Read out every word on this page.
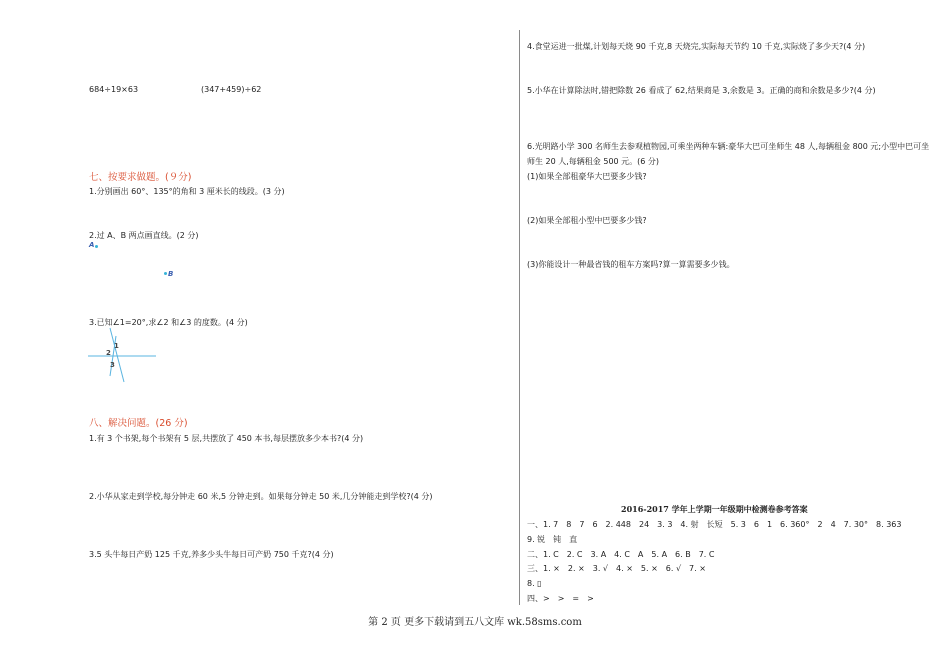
684÷19×63	(347+459)÷62
七、按要求做题。(９分)
1.分别画出 60°、135°的角和 3 厘米长的线段。(3 分)
2.过 A、B 两点画直线。(2 分)
A
B
3.已知∠1=20°,求∠2 和∠3 的度数。(4 分)
1
2
3
八、解决问题。(26 分)
1.有 3 个书架,每个书架有 5 层,共摆放了 450 本书,每层摆放多少本书?(4 分)
2.小华从家走到学校,每分钟走 60 米,5 分钟走到。如果每分钟走 50 米,几分钟能走到学校?(4 分)
3.5 头牛每日产奶 125 千克,养多少头牛每日可产奶 750 千克?(4 分)
4.食堂运进一批煤,计划每天烧 90 千克,8 天烧完,实际每天节约 10 千克,实际烧了多少天?(4 分)
5.小华在计算除法时,错把除数 26 看成了 62,结果商是 3,余数是 3。正确的商和余数是多少?(4 分)
6.光明路小学 300 名师生去参观植物园,可乘坐两种车辆:豪华大巴可坐师生 48 人,每辆租金 800 元;小型中巴可坐
师生 20 人,每辆租金 500 元。(6 分)
(1)如果全部租豪华大巴要多少钱?
(2)如果全部租小型中巴要多少钱?
(3)你能设计一种最省钱的租车方案吗?算一算需要多少钱。
2016-2017 学年上学期一年级期中检测卷参考答案
一、1. 7　8　7　6　2. 448　24　3. 3　4. 射　长短　5. 3　6　1　6. 360°　2　4　7. 30°　8. 363
9. 锐　钝　直
二、1. C　2. C　3. A　4. C　A　5. A　6. B　7. C
三、1. ×　2. ×　3. √　4. ×　5. ×　6. √　7. ×
8. ▯
四、>　>　=　>
第 2 页 更多下载请到五八文库 wk.58sms.com
